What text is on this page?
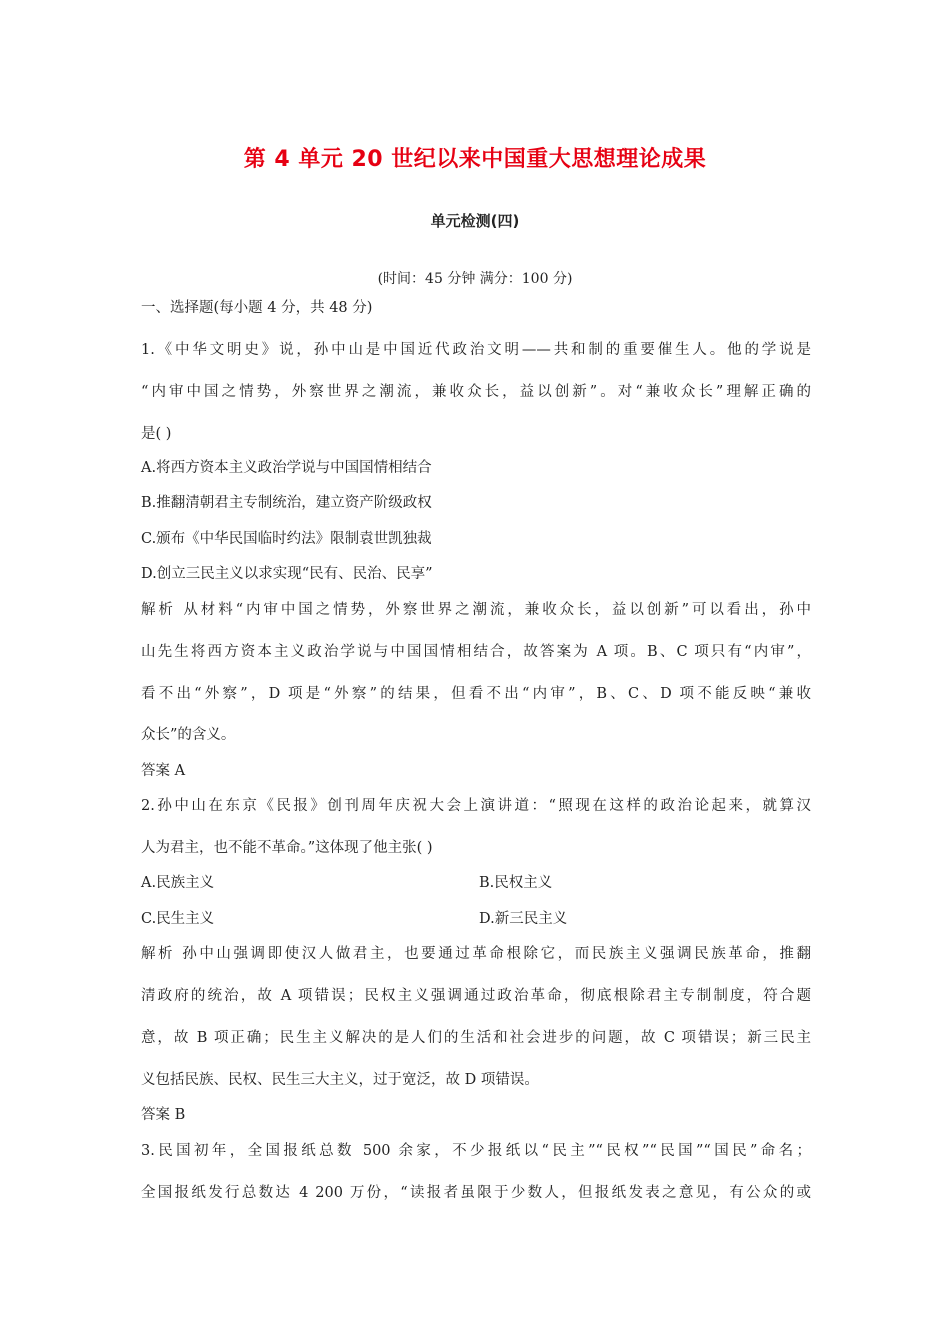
第 4 单元 20 世纪以来中国重大思想理论成果
单元检测(四)
(时间：45 分钟 满分：100 分)
一、选择题(每小题 4 分，共 48 分)
1.《中华文明史》说，孙中山是中国近代政治文明——共和制的重要催生人。他的学说是
“内审中国之情势，外察世界之潮流，兼收众长，益以创新”。对“兼收众长”理解正确的
是( )
A.将西方资本主义政治学说与中国国情相结合
B.推翻清朝君主专制统治，建立资产阶级政权
C.颁布《中华民国临时约法》限制袁世凯独裁
D.创立三民主义以求实现“民有、民治、民享”
解析 从材料“内审中国之情势，外察世界之潮流，兼收众长，益以创新”可以看出，孙中
山先生将西方资本主义政治学说与中国国情相结合，故答案为 A 项。B、C 项只有“内审”，
看不出“外察”，D 项是“外察”的结果，但看不出“内审”，B、C、D 项不能反映“兼收
众长”的含义。
答案 A
2.孙中山在东京《民报》创刊周年庆祝大会上演讲道：“照现在这样的政治论起来，就算汉
人为君主，也不能不革命。”这体现了他主张( )
A.民族主义	B.民权主义
C.民生主义	D.新三民主义
解析 孙中山强调即使汉人做君主，也要通过革命根除它，而民族主义强调民族革命，推翻
清政府的统治，故 A 项错误；民权主义强调通过政治革命，彻底根除君主专制制度，符合题
意，故 B 项正确；民生主义解决的是人们的生活和社会进步的问题，故 C 项错误；新三民主
义包括民族、民权、民生三大主义，过于宽泛，故 D 项错误。
答案 B
3.民国初年，全国报纸总数 500 余家，不少报纸以“民主”“民权”“民国”“国民”命名；
全国报纸发行总数达 4 200 万份，“读报者虽限于少数人，但报纸发表之意见，有公众的或
